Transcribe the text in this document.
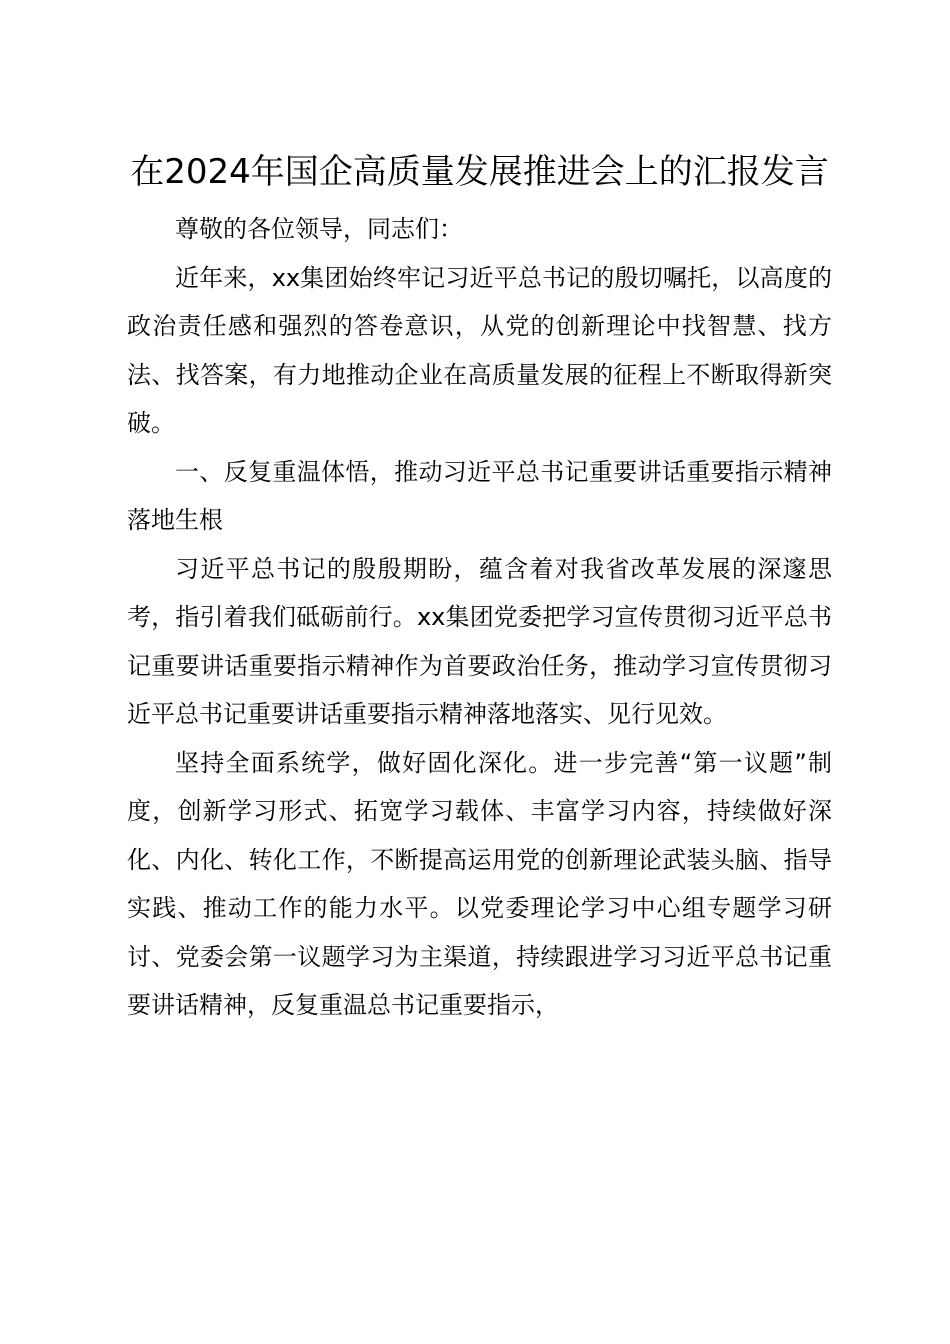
在2024年国企高质量发展推进会上的汇报发言

尊敬的各位领导，同志们：

近年来，xx集团始终牢记习近平总书记的殷切嘱托，以高度的政治责任感和强烈的答卷意识，从党的创新理论中找智慧、找方法、找答案，有力地推动企业在高质量发展的征程上不断取得新突破。

一、反复重温体悟，推动习近平总书记重要讲话重要指示精神落地生根

习近平总书记的殷殷期盼，蕴含着对我省改革发展的深邃思考，指引着我们砥砺前行。xx集团党委把学习宣传贯彻习近平总书记重要讲话重要指示精神作为首要政治任务，推动学习宣传贯彻习近平总书记重要讲话重要指示精神落地落实、见行见效。

坚持全面系统学，做好固化深化。进一步完善“第一议题”制度，创新学习形式、拓宽学习载体、丰富学习内容，持续做好深化、内化、转化工作，不断提高运用党的创新理论武装头脑、指导实践、推动工作的能力水平。以党委理论学习中心组专题学习研讨、党委会第一议题学习为主渠道，持续跟进学习习近平总书记重要讲话精神，反复重温总书记重要指示，
